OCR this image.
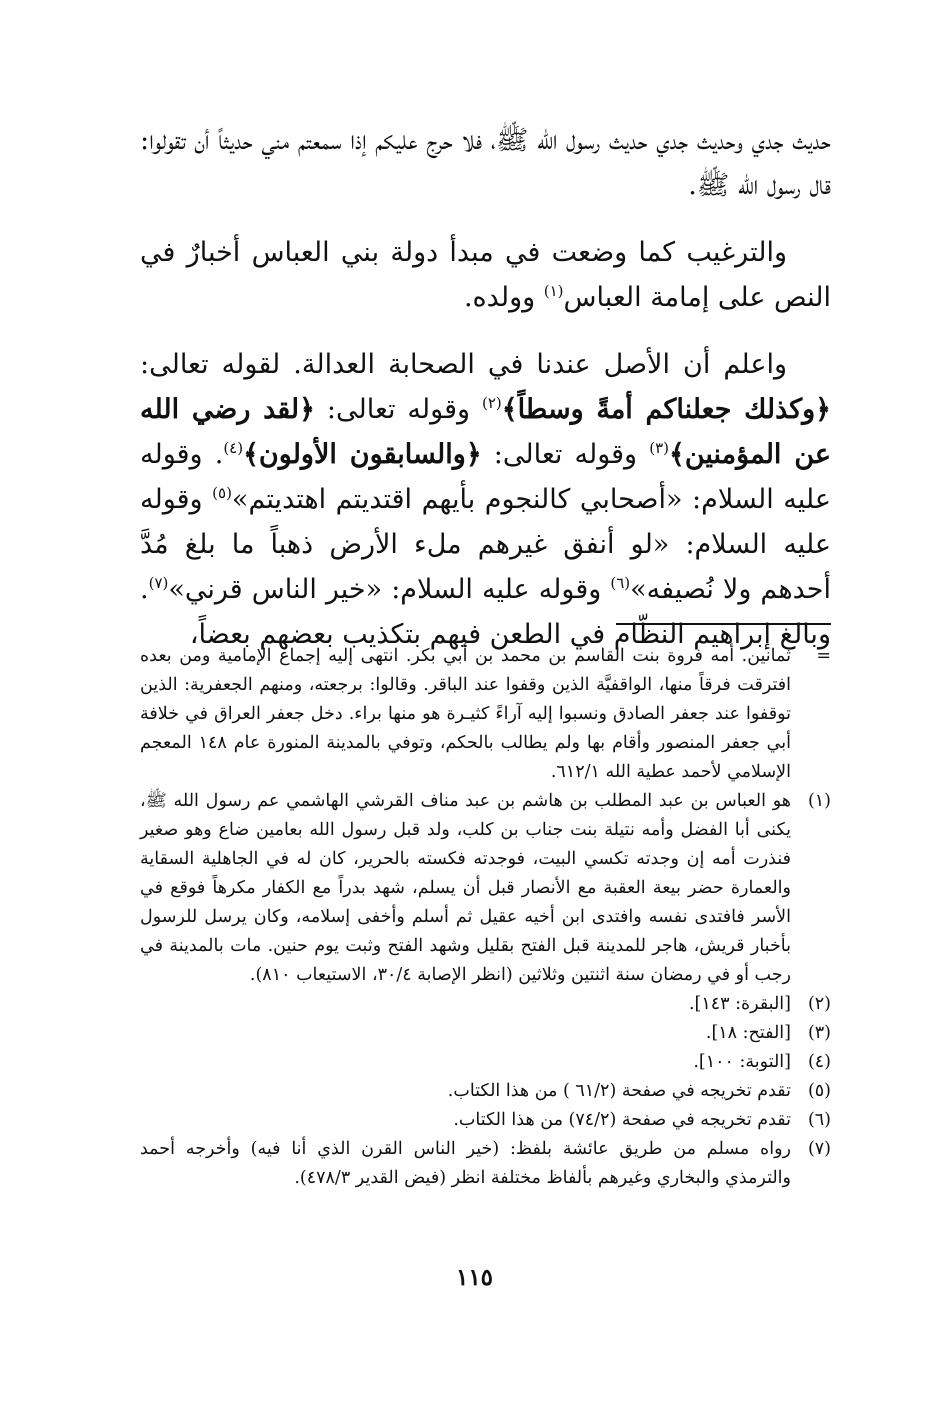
حديث جدي وحديث جدي حديث رسول الله ﷺ، فلا حرج عليكم إذا سمعتم مني حديثاً أن تقولوا: قال رسول الله ﷺ.

والترغيب كما وضعت في مبدأ دولة بني العباس أخبارٌ في النص على إمامة العباس$^{(١)}$ وولده.

واعلم أن الأصل عندنا في الصحابة العدالة. لقوله تعالى: ﴿وكذلك جعلناكم أمةً وسطاً﴾$^{(٢)}$ وقوله تعالى: ﴿لقد رضي الله عن المؤمنين﴾$^{(٣)}$ وقوله تعالى: ﴿والسابقون الأولون﴾$^{(٤)}$. وقوله عليه السلام: «أصحابي كالنجوم بأيهم اقتديتم اهتديتم»$^{(٥)}$ وقوله عليه السلام: «لو أنفق غيرهم ملء الأرض ذهباً ما بلغ مُدَّ أحدهم ولا نُصيفه»$^{(٦)}$ وقوله عليه السلام: «خير الناس قرني»$^{(٧)}$. وبالغ إبراهيم النظّام في الطعن فيهم بتكذيب بعضهم بعضاً،

=
ثمانين. أمه فروة بنت القاسم بن محمد بن أبي بكر. انتهى إليه إجماع الإمامية ومن بعده افترقت فرقاً منها، الواقفيَّة الذين وقفوا عند الباقر. وقالوا: برجعته، ومنهم الجعفرية: الذين توقفوا عند جعفر الصادق ونسبوا إليه آراءً كثيـرة هو منها براء. دخل جعفر العراق في خلافة أبي جعفر المنصور وأقام بها ولم يطالب بالحكم، وتوفي بالمدينة المنورة عام ١٤٨ المعجم الإسلامي لأحمد عطية الله ٦١٢/١.

(١)
هو العباس بن عبد المطلب بن هاشم بن عبد مناف القرشي الهاشمي عم رسول الله ﷺ، يكنى أبا الفضل وأمه نتيلة بنت جناب بن كلب، ولد قبل رسول الله بعامين ضاع وهو صغير فنذرت أمه إن وجدته تكسي البيت، فوجدته فكسته بالحرير، كان له في الجاهلية السقاية والعمارة حضر بيعة العقبة مع الأنصار قبل أن يسلم، شهد بدراً مع الكفار مكرهاً فوقع في الأسر فافتدى نفسه وافتدى ابن أخيه عقيل ثم أسلم وأخفى إسلامه، وكان يرسل للرسول بأخبار قريش، هاجر للمدينة قبل الفتح بقليل وشهد الفتح وثبت يوم حنين. مات بالمدينة في رجب أو في رمضان سنة اثنتين وثلاثين (انظر الإصابة ٣٠/٤، الاستيعاب ٨١٠).

(٢)
[البقرة: ١٤٣].

(٣)
[الفتح: ١٨].

(٤)
[التوبة: ١٠٠].

(٥)
تقدم تخريجه في صفحة (٦١/٢ ) من هذا الكتاب.

(٦)
تقدم تخريجه في صفحة (٧٤/٢) من هذا الكتاب.

(٧)
رواه مسلم من طريق عائشة بلفظ: (خير الناس القرن الذي أنا فيه) وأخرجه أحمد والترمذي والبخاري وغيرهم بألفاظ مختلفة انظر (فيض القدير ٤٧٨/٣).

١١٥
